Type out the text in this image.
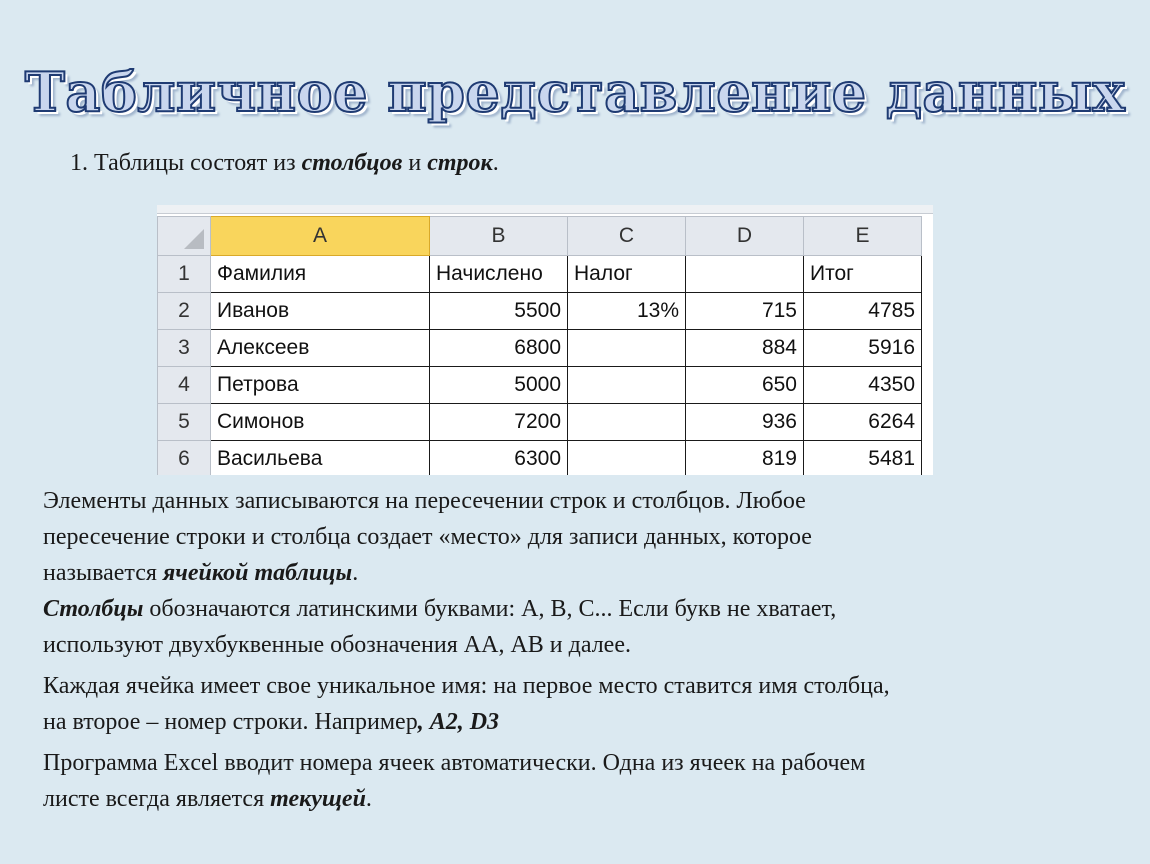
Табличное представление данных
1. Таблицы состоят из столбцов и строк.
	A	B	C	D	E
1	Фамилия	Начислено	Налог		Итог
2	Иванов	5500	13%	715	4785
3	Алексеев	6800		884	5916
4	Петрова	5000		650	4350
5	Симонов	7200		936	6264
6	Васильева	6300		819	5481
Элементы данных записываются на пересечении строк и столбцов. Любое
пересечение строки и столбца создает «место» для записи данных, которое
называется ячейкой таблицы.
Столбцы обозначаются латинскими буквами: А, В, С... Если букв не хватает,
используют двухбуквенные обозначения АА, АВ и далее.
Каждая ячейка имеет свое уникальное имя: на первое место ставится имя столбца,
на второе – номер строки. Например, A2, D3
Программа Excel вводит номера ячеек автоматически. Одна из ячеек на рабочем
листе всегда является текущей.
